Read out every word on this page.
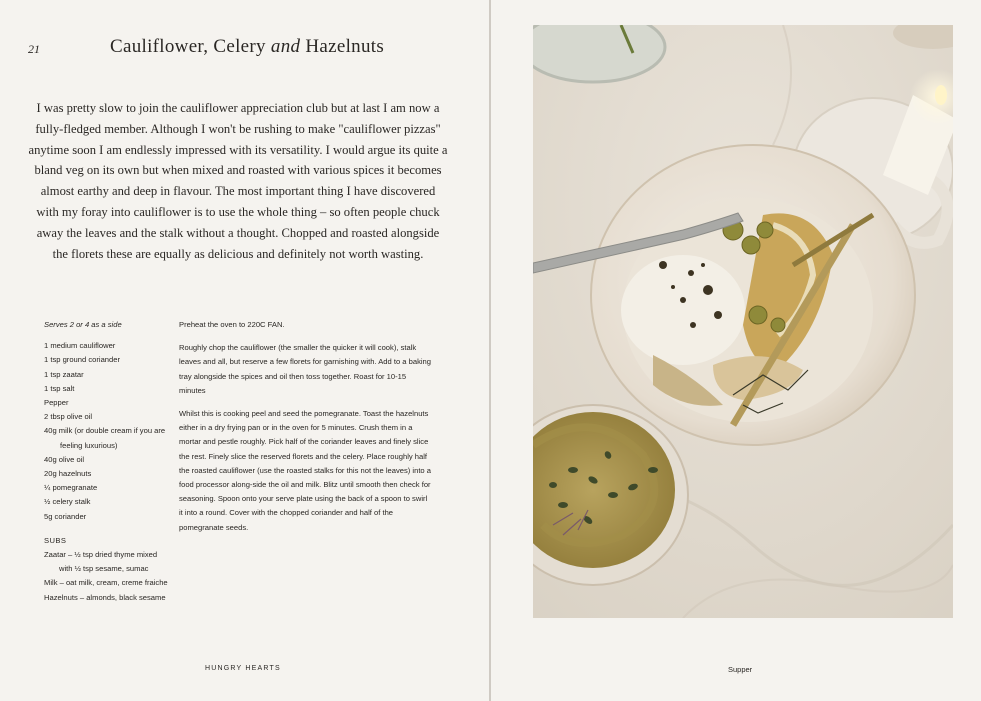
21	Cauliflower, Celery and Hazelnuts

I was pretty slow to join the cauliflower appreciation club but at last I am now a fully-fledged member. Although I won't be rushing to make "cauliflower pizzas" anytime soon I am endlessly impressed with its versatility. I would argue its quite a bland veg on its own but when mixed and roasted with various spices it becomes almost earthy and deep in flavour. The most important thing I have discovered with my foray into cauliflower is to use the whole thing – so often people chuck away the leaves and the stalk without a thought. Chopped and roasted alongside the florets these are equally as delicious and definitely not worth wasting.

Serves 2 or 4 as a side
1 medium cauliflower
1 tsp ground coriander
1 tsp zaatar
1 tsp salt
Pepper
2 tbsp olive oil
40g milk (or double cream if you are feeling luxurious)
40g olive oil
20g hazelnuts
¼ pomegranate
½ celery stalk
5g coriander
SUBS
Zaatar – ½ tsp dried thyme mixed with ½ tsp sesame, sumac
Milk – oat milk, cream, creme fraiche
Hazelnuts – almonds, black sesame

Preheat the oven to 220C FAN.

Roughly chop the cauliflower (the smaller the quicker it will cook), stalk leaves and all, but reserve a few florets for garnishing with. Add to a baking tray alongside the spices and oil then toss together. Roast for 10-15 minutes

Whilst this is cooking peel and seed the pomegranate. Toast the hazelnuts either in a dry frying pan or in the oven for 5 minutes. Crush them in a mortar and pestle roughly. Pick half of the coriander leaves and finely slice the rest. Finely slice the reserved florets and the celery. Place roughly half the roasted cauliflower (use the roasted stalks for this not the leaves) into a food processor along-side the oil and milk. Blitz until smooth then check for seasoning. Spoon onto your serve plate using the back of a spoon to swirl it into a round. Cover with the chopped coriander and half of the pomegranate seeds.

HUNGRY HEARTS	Supper
